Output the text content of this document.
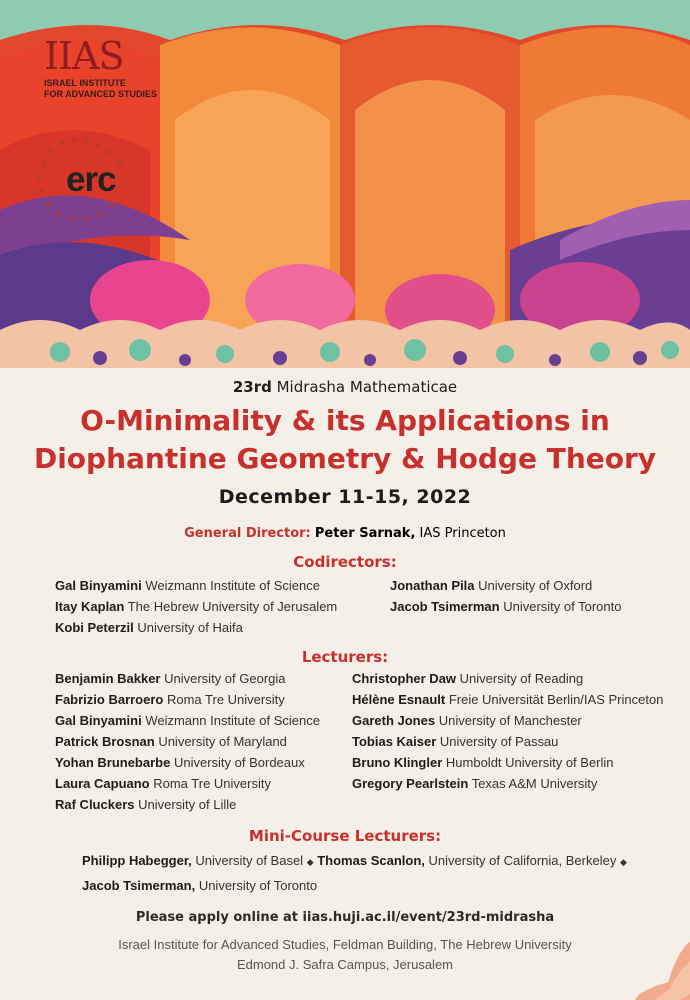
IIAS
ISRAEL INSTITUTE
FOR ADVANCED STUDIES
erc
23rd Midrasha Mathematicae
O-Minimality & its Applications in
Diophantine Geometry & Hodge Theory
December 11-15, 2022
General Director: Peter Sarnak, IAS Princeton
Codirectors:
Gal Binyamini Weizmann Institute of Science
Itay Kaplan The Hebrew University of Jerusalem
Kobi Peterzil University of Haifa
Jonathan Pila University of Oxford
Jacob Tsimerman University of Toronto
Lecturers:
Benjamin Bakker University of Georgia
Fabrizio Barroero Roma Tre University
Gal Binyamini Weizmann Institute of Science
Patrick Brosnan University of Maryland
Yohan Brunebarbe University of Bordeaux
Laura Capuano Roma Tre University
Raf Cluckers University of Lille
Christopher Daw University of Reading
Hélène Esnault Freie Universität Berlin/IAS Princeton
Gareth Jones University of Manchester
Tobias Kaiser University of Passau
Bruno Klingler Humboldt University of Berlin
Gregory Pearlstein Texas A&M University
Mini-Course Lecturers:
Philipp Habegger, University of Basel ◆ Thomas Scanlon, University of California, Berkeley ◆
Jacob Tsimerman, University of Toronto
Please apply online at iias.huji.ac.il/event/23rd-midrasha
Israel Institute for Advanced Studies, Feldman Building, The Hebrew University
Edmond J. Safra Campus, Jerusalem
